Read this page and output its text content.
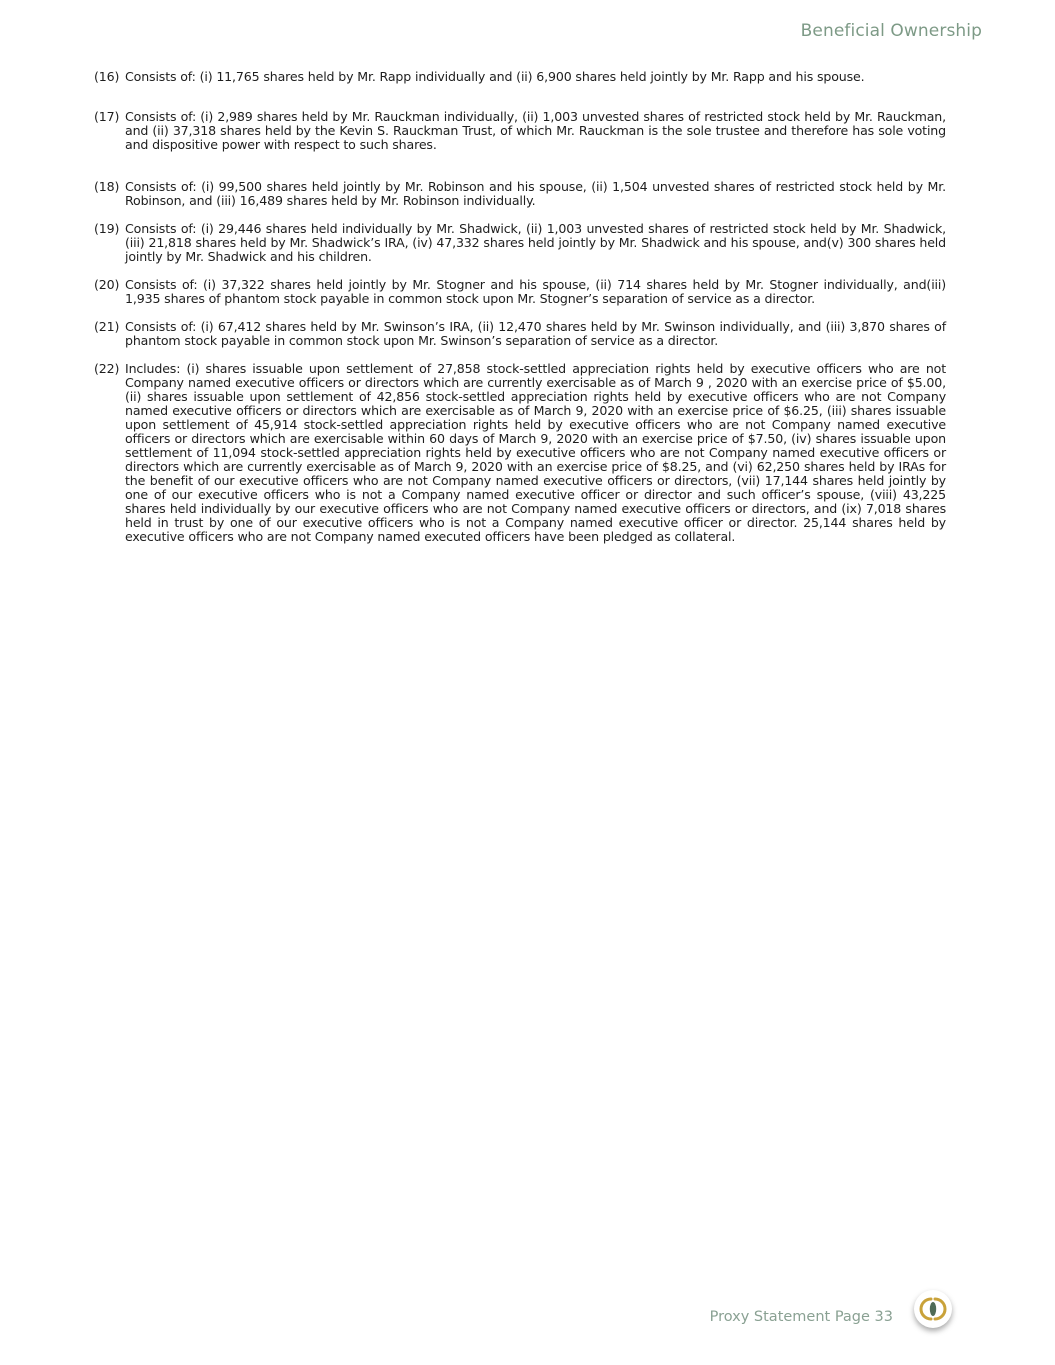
Beneficial Ownership
(16) Consists of: (i) 11,765 shares held by Mr. Rapp individually and (ii) 6,900 shares held jointly by Mr. Rapp and his spouse.
(17) Consists of: (i) 2,989 shares held by Mr. Rauckman individually, (ii) 1,003 unvested shares of restricted stock held by Mr. Rauckman, and (ii) 37,318 shares held by the Kevin S. Rauckman Trust, of which Mr. Rauckman is the sole trustee and therefore has sole voting and dispositive power with respect to such shares.
(18) Consists of: (i) 99,500 shares held jointly by Mr. Robinson and his spouse, (ii) 1,504 unvested shares of restricted stock held by Mr. Robinson, and (iii) 16,489 shares held by Mr. Robinson individually.
(19) Consists of: (i) 29,446 shares held individually by Mr. Shadwick, (ii) 1,003 unvested shares of restricted stock held by Mr. Shadwick, (iii) 21,818 shares held by Mr. Shadwick’s IRA, (iv) 47,332 shares held jointly by Mr. Shadwick and his spouse, and(v) 300 shares held jointly by Mr. Shadwick and his children.
(20) Consists of: (i) 37,322 shares held jointly by Mr. Stogner and his spouse, (ii) 714 shares held by Mr. Stogner individually, and(iii) 1,935 shares of phantom stock payable in common stock upon Mr. Stogner’s separation of service as a director.
(21) Consists of: (i) 67,412 shares held by Mr. Swinson’s IRA, (ii) 12,470 shares held by Mr. Swinson individually, and (iii) 3,870 shares of phantom stock payable in common stock upon Mr. Swinson’s separation of service as a director.
(22) Includes: (i) shares issuable upon settlement of 27,858 stock-settled appreciation rights held by executive officers who are not Company named executive officers or directors which are currently exercisable as of March 9 , 2020 with an exercise price of $5.00, (ii) shares issuable upon settlement of 42,856 stock-settled appreciation rights held by executive officers who are not Company named executive officers or directors which are exercisable as of March 9, 2020 with an exercise price of $6.25, (iii) shares issuable upon settlement of 45,914 stock-settled appreciation rights held by executive officers who are not Company named executive officers or directors which are exercisable within 60 days of March 9, 2020 with an exercise price of $7.50, (iv) shares issuable upon settlement of 11,094 stock-settled appreciation rights held by executive officers who are not Company named executive officers or directors which are currently exercisable as of March 9, 2020 with an exercise price of $8.25, and (vi) 62,250 shares held by IRAs for the benefit of our executive officers who are not Company named executive officers or directors, (vii) 17,144 shares held jointly by one of our executive officers who is not a Company named executive officer or director and such officer’s spouse, (viii) 43,225 shares held individually by our executive officers who are not Company named executive officers or directors, and (ix) 7,018 shares held in trust by one of our executive officers who is not a Company named executive officer or director. 25,144 shares held by executive officers who are not Company named executed officers have been pledged as collateral.
Proxy Statement Page 33
